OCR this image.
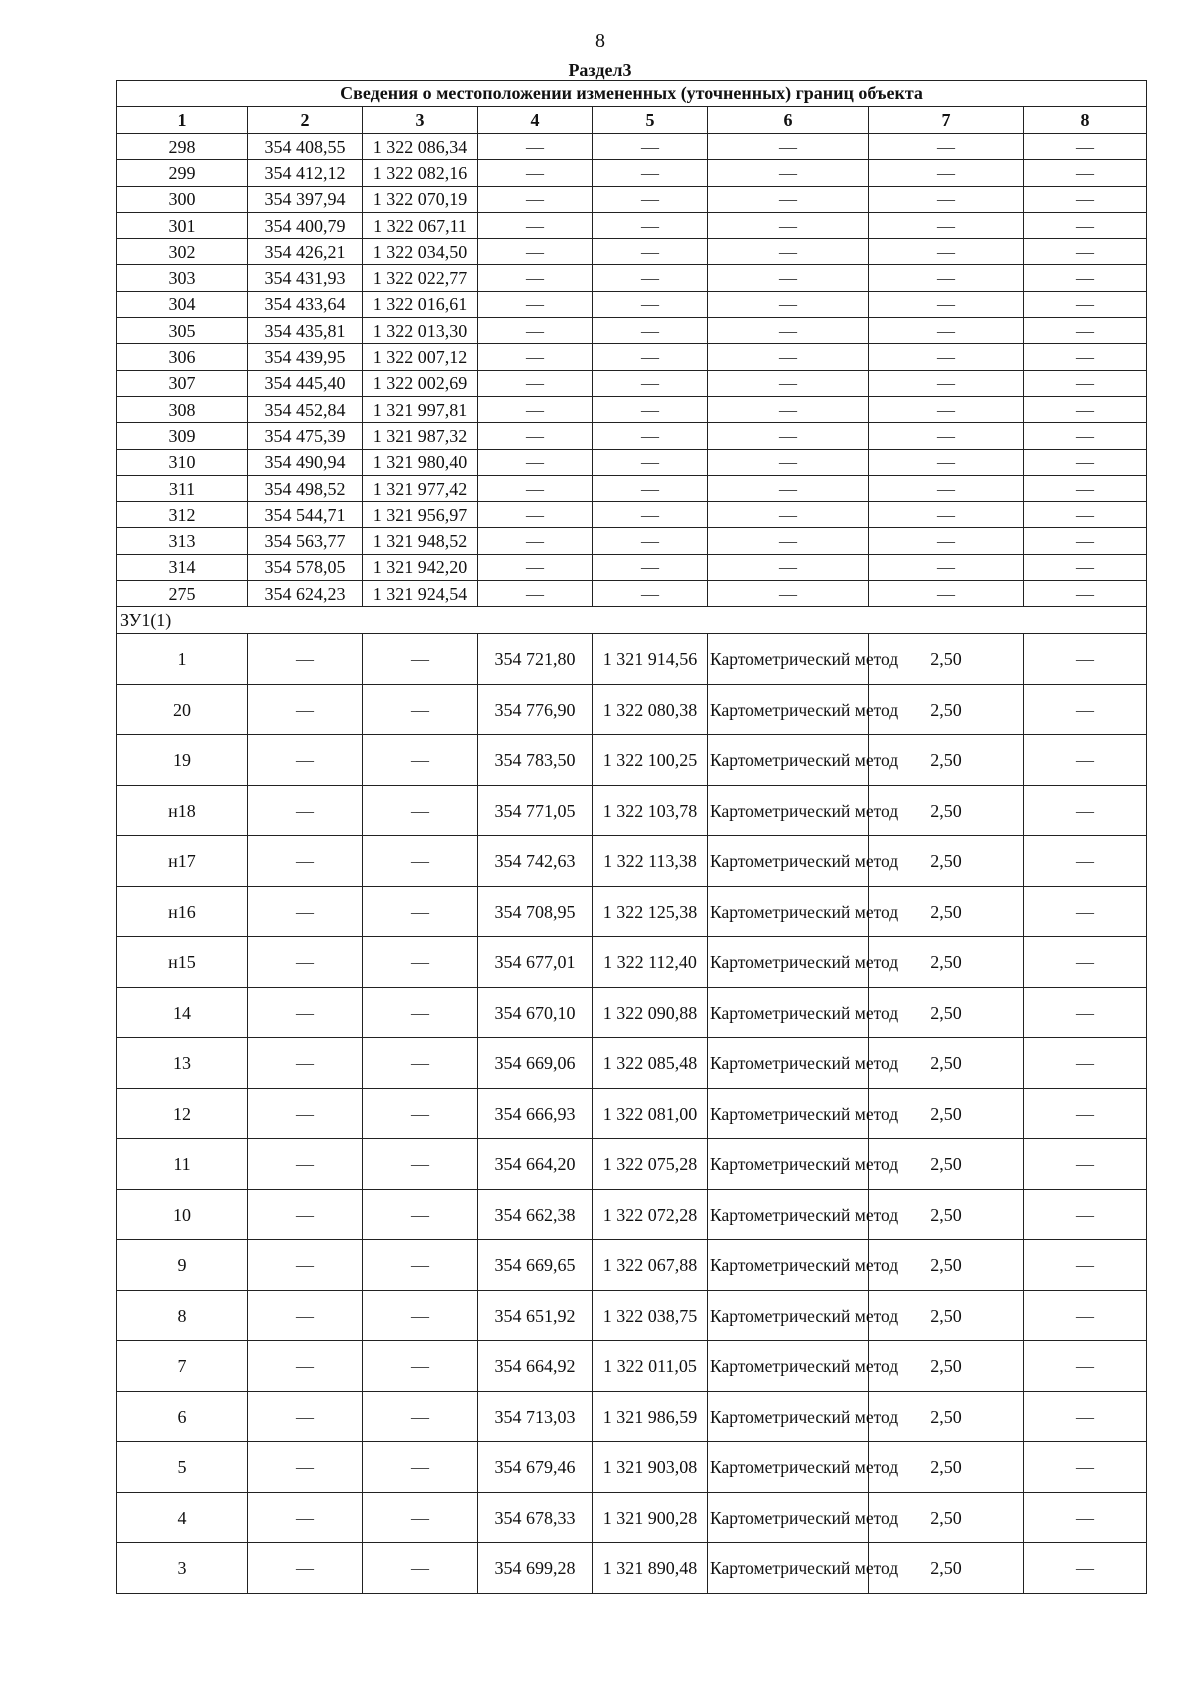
8
Раздел3
Сведения о местоположении измененных (уточненных) границ объекта							
1	2	3	4	5	6	7	8
298	354 408,55	1 322 086,34	—	—	—	—	—
299	354 412,12	1 322 082,16	—	—	—	—	—
300	354 397,94	1 322 070,19	—	—	—	—	—
301	354 400,79	1 322 067,11	—	—	—	—	—
302	354 426,21	1 322 034,50	—	—	—	—	—
303	354 431,93	1 322 022,77	—	—	—	—	—
304	354 433,64	1 322 016,61	—	—	—	—	—
305	354 435,81	1 322 013,30	—	—	—	—	—
306	354 439,95	1 322 007,12	—	—	—	—	—
307	354 445,40	1 322 002,69	—	—	—	—	—
308	354 452,84	1 321 997,81	—	—	—	—	—
309	354 475,39	1 321 987,32	—	—	—	—	—
310	354 490,94	1 321 980,40	—	—	—	—	—
311	354 498,52	1 321 977,42	—	—	—	—	—
312	354 544,71	1 321 956,97	—	—	—	—	—
313	354 563,77	1 321 948,52	—	—	—	—	—
314	354 578,05	1 321 942,20	—	—	—	—	—
275	354 624,23	1 321 924,54	—	—	—	—	—
ЗУ1(1)							
1	—	—	354 721,80	1 321 914,56	Картометрический метод	2,50	—
20	—	—	354 776,90	1 322 080,38	Картометрический метод	2,50	—
19	—	—	354 783,50	1 322 100,25	Картометрический метод	2,50	—
н18	—	—	354 771,05	1 322 103,78	Картометрический метод	2,50	—
н17	—	—	354 742,63	1 322 113,38	Картометрический метод	2,50	—
н16	—	—	354 708,95	1 322 125,38	Картометрический метод	2,50	—
н15	—	—	354 677,01	1 322 112,40	Картометрический метод	2,50	—
14	—	—	354 670,10	1 322 090,88	Картометрический метод	2,50	—
13	—	—	354 669,06	1 322 085,48	Картометрический метод	2,50	—
12	—	—	354 666,93	1 322 081,00	Картометрический метод	2,50	—
11	—	—	354 664,20	1 322 075,28	Картометрический метод	2,50	—
10	—	—	354 662,38	1 322 072,28	Картометрический метод	2,50	—
9	—	—	354 669,65	1 322 067,88	Картометрический метод	2,50	—
8	—	—	354 651,92	1 322 038,75	Картометрический метод	2,50	—
7	—	—	354 664,92	1 322 011,05	Картометрический метод	2,50	—
6	—	—	354 713,03	1 321 986,59	Картометрический метод	2,50	—
5	—	—	354 679,46	1 321 903,08	Картометрический метод	2,50	—
4	—	—	354 678,33	1 321 900,28	Картометрический метод	2,50	—
3	—	—	354 699,28	1 321 890,48	Картометрический метод	2,50	—
